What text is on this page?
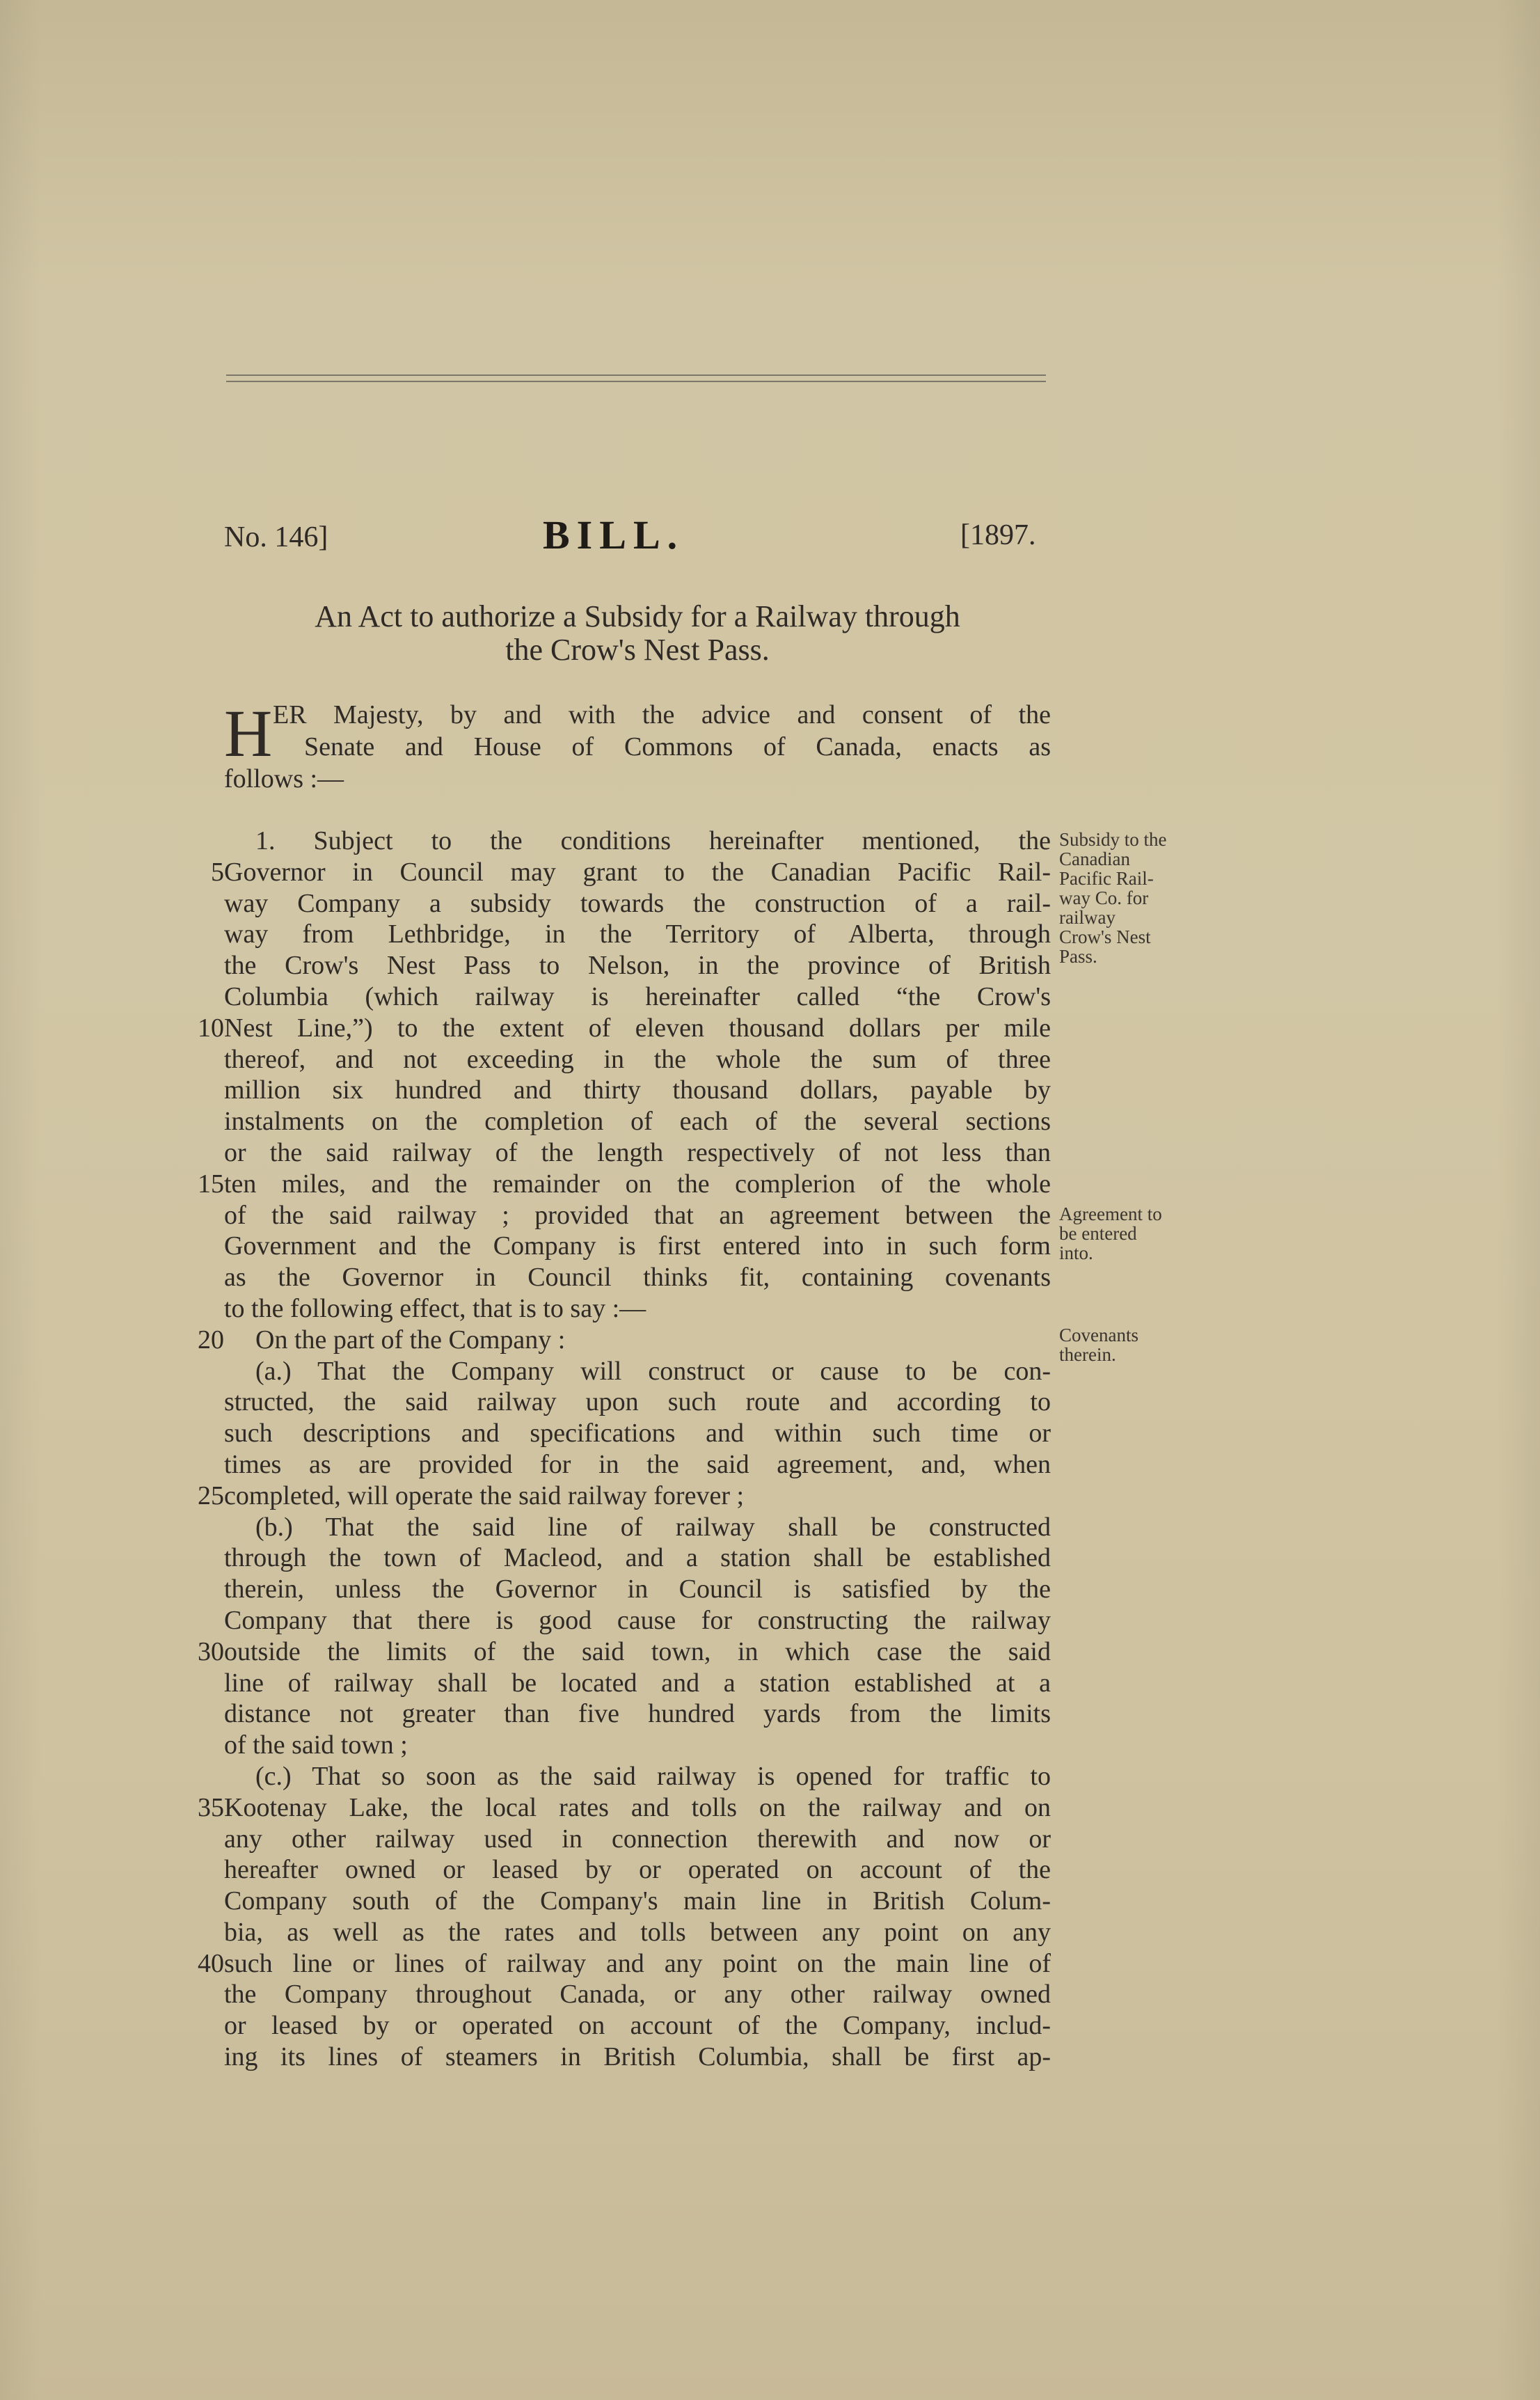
No. 146]	BILL.	[1897.
An Act to authorize a Subsidy for a Railway through
the Crow's Nest Pass.
H ER Majesty, by and with the advice and consent of the
Senate and House of Commons of Canada, enacts as
follows :—
1. Subject to the conditions hereinafter mentioned, the
Governor in Council may grant to the Canadian Pacific Rail-
way Company a subsidy towards the construction of a rail-
way from Lethbridge, in the Territory of Alberta, through
the Crow's Nest Pass to Nelson, in the province of British
Columbia (which railway is hereinafter called “the Crow's
Nest Line,”) to the extent of eleven thousand dollars per mile
thereof, and not exceeding in the whole the sum of three
million six hundred and thirty thousand dollars, payable by
instalments on the completion of each of the several sections
or the said railway of the length respectively of not less than
ten miles, and the remainder on the complerion of the whole
of the said railway ; provided that an agreement between the
Government and the Company is first entered into in such form
as the Governor in Council thinks fit, containing covenants
to the following effect, that is to say :—
On the part of the Company :
(a.) That the Company will construct or cause to be con-
structed, the said railway upon such route and according to
such descriptions and specifications and within such time or
times as are provided for in the said agreement, and, when
completed, will operate the said railway forever ;
(b.) That the said line of railway shall be constructed
through the town of Macleod, and a station shall be established
therein, unless the Governor in Council is satisfied by the
Company that there is good cause for constructing the railway
outside the limits of the said town, in which case the said
line of railway shall be located and a station established at a
distance not greater than five hundred yards from the limits
of the said town ;
(c.) That so soon as the said railway is opened for traffic to
Kootenay Lake, the local rates and tolls on the railway and on
any other railway used in connection therewith and now or
hereafter owned or leased by or operated on account of the
Company south of the Company's main line in British Colum-
bia, as well as the rates and tolls between any point on any
such line or lines of railway and any point on the main line of
the Company throughout Canada, or any other railway owned
or leased by or operated on account of the Company, includ-
ing its lines of steamers in British Columbia, shall be first ap-
5
10
15
20
25
30
35
40
Subsidy to the
Canadian
Pacific Rail-
way Co. for
railway
Crow's Nest
Pass.
Agreement to
be entered
into.
Covenants
therein.
